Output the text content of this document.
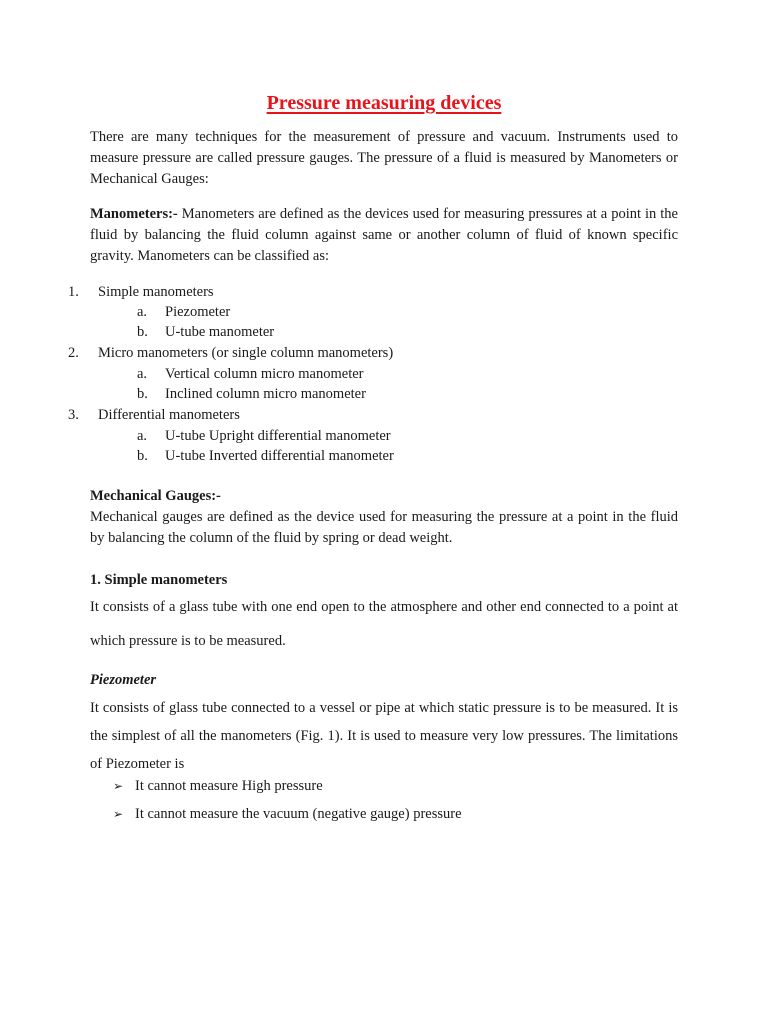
Pressure measuring devices

There are many techniques for the measurement of pressure and vacuum. Instruments used to measure pressure are called pressure gauges. The pressure of a fluid is measured by Manometers or Mechanical Gauges:

Manometers:- Manometers are defined as the devices used for measuring pressures at a point in the fluid by balancing the fluid column against same or another column of fluid of known specific gravity. Manometers can be classified as:

1. Simple manometers
a. Piezometer
b. U-tube manometer
2. Micro manometers (or single column manometers)
a. Vertical column micro manometer
b. Inclined column micro manometer
3. Differential manometers
a. U-tube Upright differential manometer
b. U-tube Inverted differential manometer

Mechanical Gauges:-

Mechanical gauges are defined as the device used for measuring the pressure at a point in the fluid by balancing the column of the fluid by spring or dead weight.

1. Simple manometers

It consists of a glass tube with one end open to the atmosphere and other end connected to a point at which pressure is to be measured.

Piezometer

It consists of glass tube connected to a vessel or pipe at which static pressure is to be measured. It is the simplest of all the manometers (Fig. 1). It is used to measure very low pressures. The limitations of Piezometer is

➢ It cannot measure High pressure
➢ It cannot measure the vacuum (negative gauge) pressure
